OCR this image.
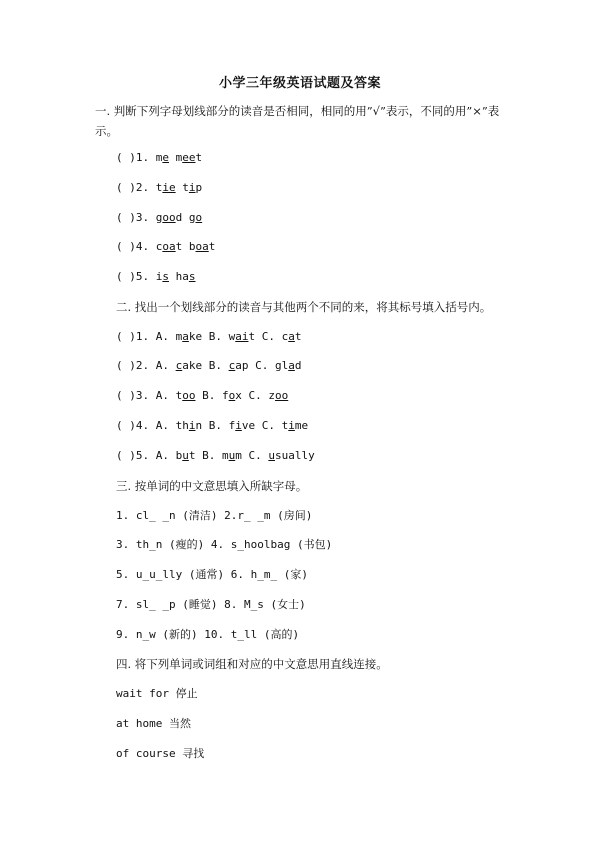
小学三年级英语试题及答案
一. 判断下列字母划线部分的读音是否相同，相同的用”√”表示，不同的用”×”表示。
( )1. me meet
( )2. tie tip
( )3. good go
( )4. coat boat
( )5. is has
二. 找出一个划线部分的读音与其他两个不同的来，将其标号填入括号内。
( )1. A. make B. wait C. cat
( )2. A. cake B. cap C. glad
( )3. A. too B. fox C. zoo
( )4. A. thin B. five C. time
( )5. A. but B. mum C. usually
三. 按单词的中文意思填入所缺字母。
1. cl_ _n (清洁) 2.r_ _m (房间)
3. th_n (瘦的) 4. s_hoolbag (书包)
5. u_u_lly (通常) 6. h_m_ (家)
7. sl_ _p (睡觉) 8. M_s (女士)
9. n_w (新的) 10. t_ll (高的)
四. 将下列单词或词组和对应的中文意思用直线连接。
wait for 停止
at home 当然
of course 寻找
